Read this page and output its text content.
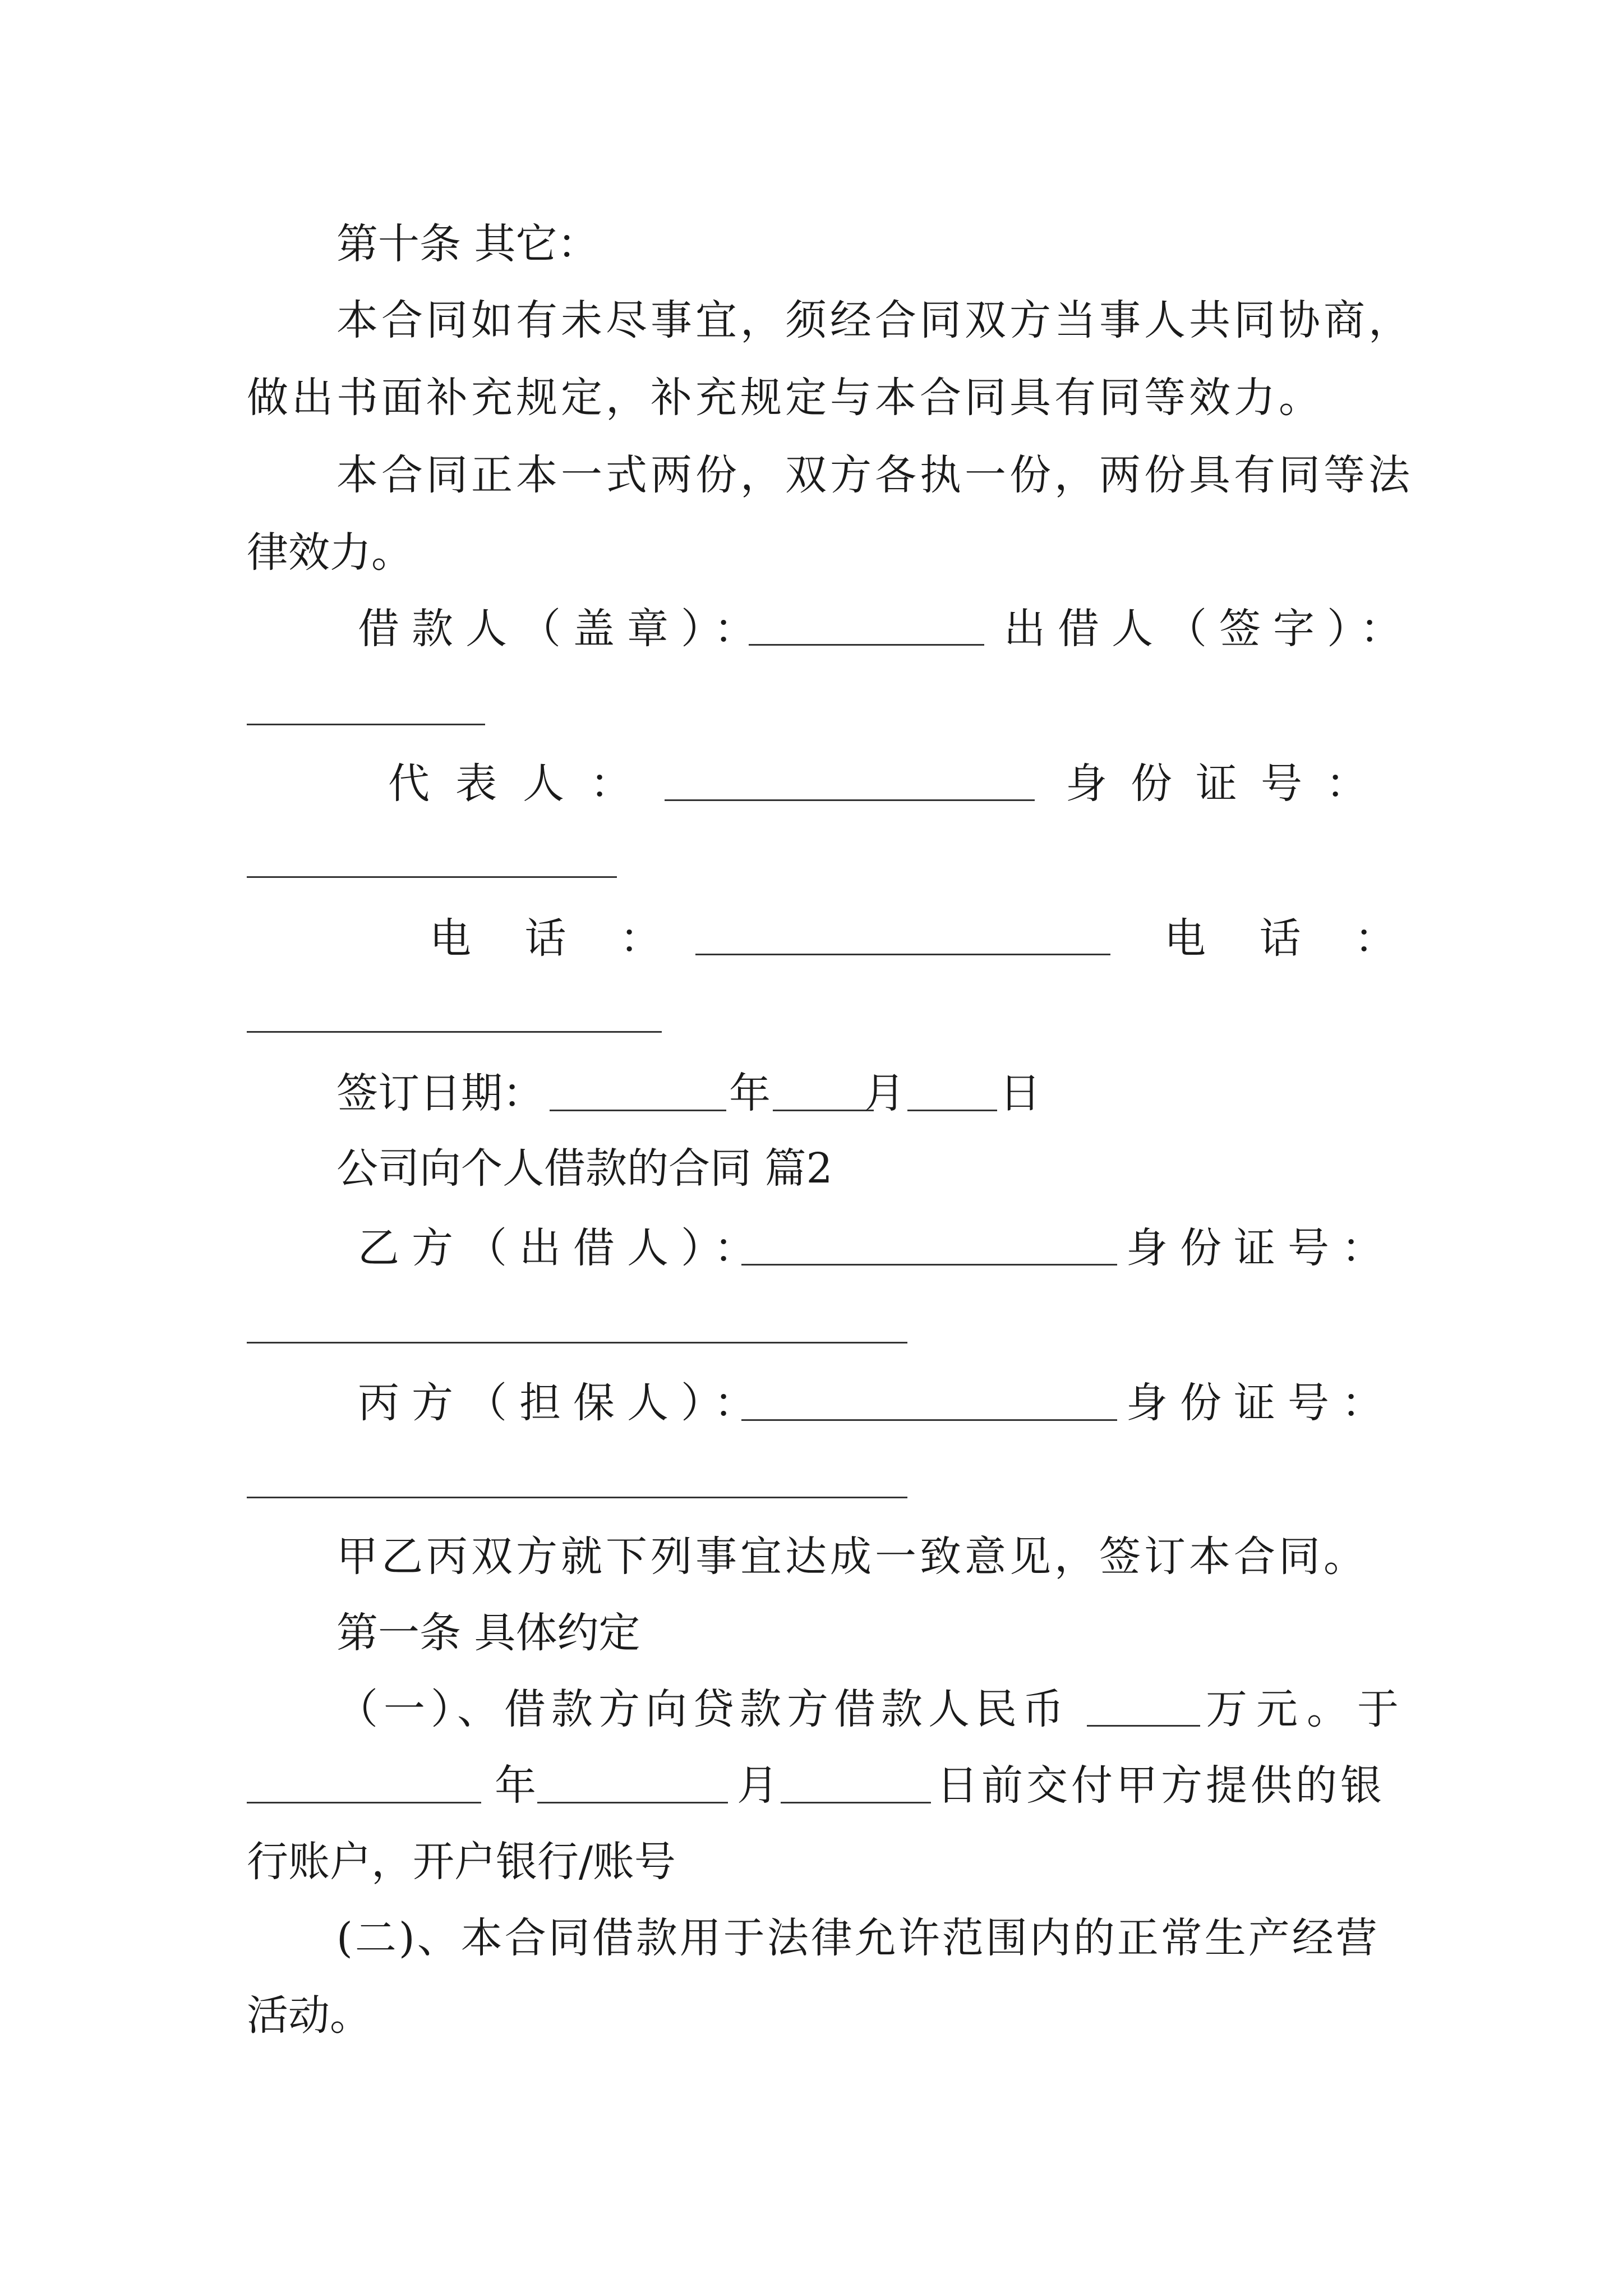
第十条 其它：
本合同如有未尽事宜，须经合同双方当事人共同协商，
做出书面补充规定，补充规定与本合同具有同等效力。
本合同正本一式两份，双方各执一份，两份具有同等法
律效力。
借款人（盖章）：	出借人（签字）：
代表人：	身份证号：
电 话 ：	电 话 ：
签订日期：	年 月 日
公司向个人借款的合同 篇2
乙方（出借人）：	身份证号：
丙方（担保人）：	身份证号：
甲乙丙双方就下列事宜达成一致意见，签订本合同。
第一条 具体约定
（一）、借款方向贷款方借款人民币	万元。于
年	月	日前交付甲方提供的银
行账户，开户银行/账号
(二)、本合同借款用于法律允许范围内的正常生产经营
活动。
